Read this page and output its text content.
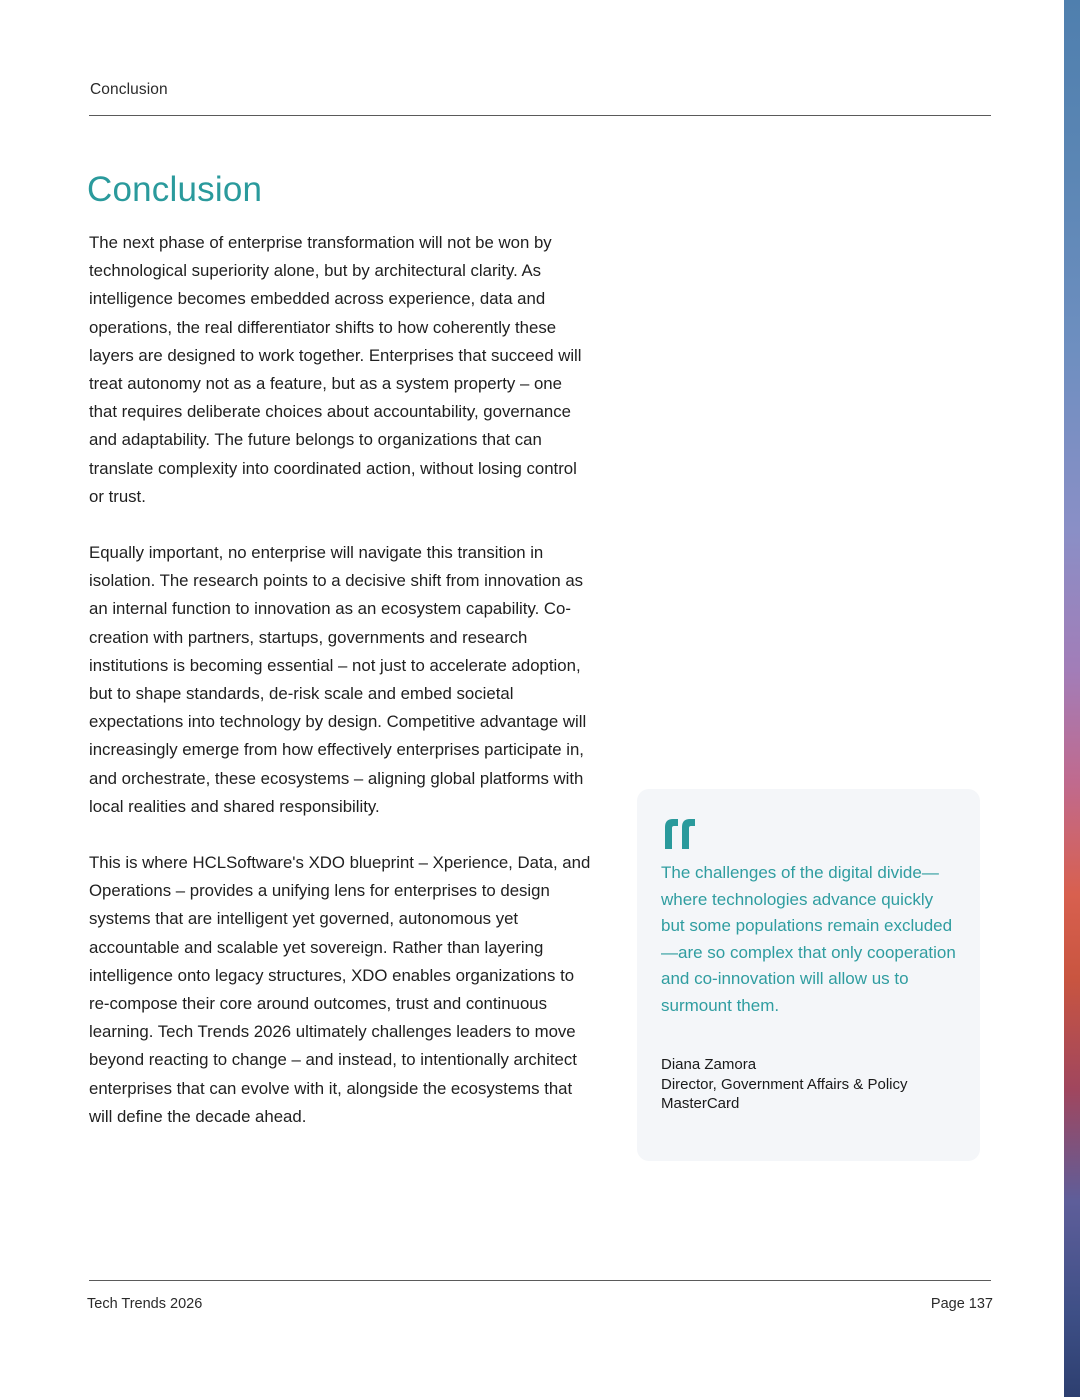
Conclusion
Conclusion

The next phase of enterprise transformation will not be won by technological superiority alone, but by architectural clarity. As intelligence becomes embedded across experience, data and operations, the real differentiator shifts to how coherently these layers are designed to work together. Enterprises that succeed will treat autonomy not as a feature, but as a system property – one that requires deliberate choices about accountability, governance and adaptability. The future belongs to organizations that can translate complexity into coordinated action, without losing control or trust.

Equally important, no enterprise will navigate this transition in isolation. The research points to a decisive shift from innovation as an internal function to innovation as an ecosystem capability. Co-creation with partners, startups, governments and research institutions is becoming essential – not just to accelerate adoption, but to shape standards, de-risk scale and embed societal expectations into technology by design. Competitive advantage will increasingly emerge from how effectively enterprises participate in, and orchestrate, these ecosystems – aligning global platforms with local realities and shared responsibility.

This is where HCLSoftware's XDO blueprint – Xperience, Data, and Operations – provides a unifying lens for enterprises to design systems that are intelligent yet governed, autonomous yet accountable and scalable yet sovereign. Rather than layering intelligence onto legacy structures, XDO enables organizations to re-compose their core around outcomes, trust and continuous learning. Tech Trends 2026 ultimately challenges leaders to move beyond reacting to change – and instead, to intentionally architect enterprises that can evolve with it, alongside the ecosystems that will define the decade ahead.

The challenges of the digital divide—where technologies advance quickly but some populations remain excluded—are so complex that only cooperation and co-innovation will allow us to surmount them.

Diana Zamora
Director, Government Affairs & Policy
MasterCard
Tech Trends 2026	Page 137
